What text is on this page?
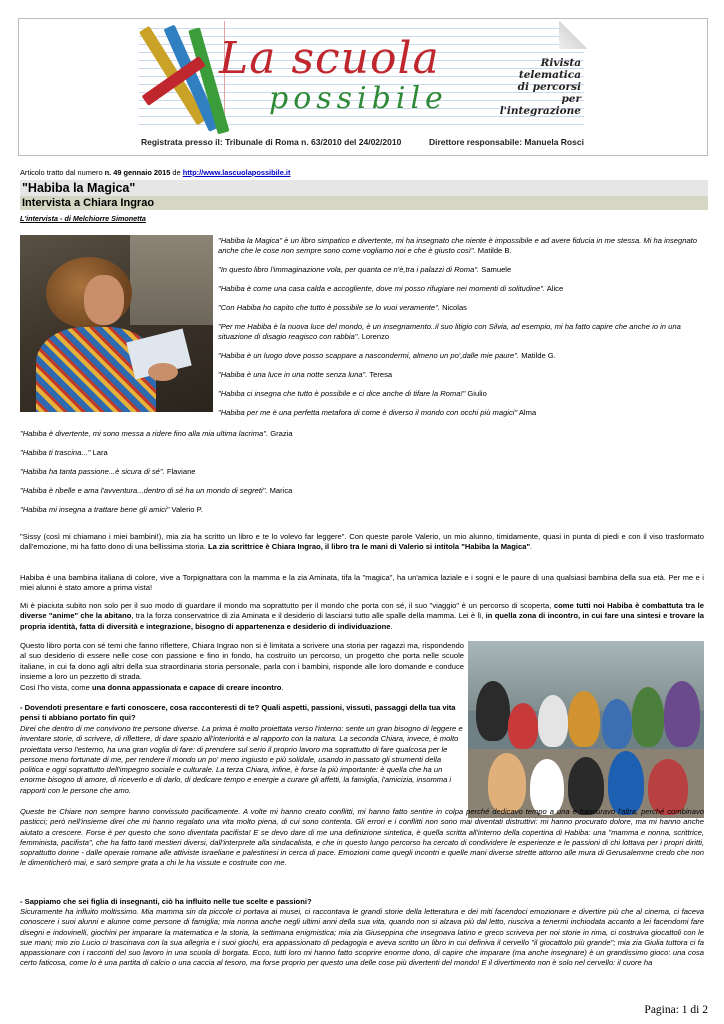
La scuola
possibile
Rivista
telematica
di percorsi
per l'integrazione
Registrata presso il: Tribunale di Roma n. 63/2010 del 24/02/2010	Direttore responsabile: Manuela Rosci
Articolo tratto dal numero n. 49 gennaio 2015 de http://www.lascuolapossibile.it
"Habiba la Magica"
Intervista a Chiara Ingrao
L'intervista - di Melchiorre Simonetta
"Habiba la Magica" è un libro simpatico e divertente, mi ha insegnato che niente è impossibile e ad avere fiducia in me stessa. Mi ha insegnato anche che le cose non sempre sono come vogliamo noi e che è giusto così". Matilde B.
"In questo libro l'immaginazione vola, per quanta ce n'è,tra i palazzi di Roma". Samuele
"Habiba è come una casa calda e accogliente, dove mi posso rifugiare nei momenti di solitudine". Alice
"Con Habiba ho capito che tutto è possibile se lo vuoi veramente". Nicolas
"Per me Habiba è la nuova luce del mondo, è un insegnamento..il suo litigio con Silvia, ad esempio, mi ha fatto capire che anche io in una situazione di disagio reagisco con rabbia". Lorenzo
"Habiba è un luogo dove posso scappare a nascondermi, almeno un po',dalle mie paure". Matilde G.
"Habiba è una luce in una notte senza luna". Teresa
"Habiba ci insegna che tutto è possibile e ci dice anche di tifare la Roma!" Giulio
"Habiba per me è una perfetta metafora di come è diverso il mondo con occhi più magici" Alma
"Habiba è divertente, mi sono messa a ridere fino alla mia ultima lacrima". Grazia
"Habiba ti trascina..." Lara
"Habiba ha tanta passione...è sicura di sé". Flaviane
"Habiba è ribelle e ama l'avventura...dentro di sé ha un mondo di segreti". Marica
"Habiba mi insegna a trattare bene gli amici" Valerio P.
"Sissy (così mi chiamano i miei bambini!), mia zia ha scritto un libro e te lo volevo far leggere". Con queste parole Valerio, un mio alunno, timidamente, quasi in punta di piedi e con il viso trasformato dall'emozione, mi ha fatto dono di una bellissima storia. La zia scrittrice è Chiara Ingrao, il libro tra le mani di Valerio si intitola "Habiba la Magica".
Habiba è una bambina italiana di colore, vive a Torpignattara con la mamma e la zia Aminata, tifa la "magica", ha un'amica laziale e i sogni e le paure di una qualsiasi bambina della sua età. Per me e i miei alunni è stato amore a prima vista!
Mi è piaciuta subito non solo per il suo modo di guardare il mondo ma soprattutto per il mondo che porta con sé, il suo "viaggio" è un percorso di scoperta, come tutti noi Habiba è combattuta tra le diverse "anime" che la abitano, tra la forza conservatrice di zia Aminata e il desiderio di lasciarsi tutto alle spalle della mamma. Lei è lì, in quella zona di incontro, in cui fare una sintesi e trovare la propria identità, fatta di diversità e integrazione, bisogno di appartenenza e desiderio di individuazione.
Questo libro porta con sé temi che fanno riflettere, Chiara Ingrao non si è limitata a scrivere una storia per ragazzi ma, rispondendo al suo desiderio di essere nelle cose con passione e fino in fondo, ha costruito un percorso, un progetto che porta nelle scuole italiane, in cui fa dono agli altri della sua straordinaria storia personale, parla con i bambini, risponde alle loro domande e conduce insieme a loro un pezzetto di strada.
Così l'ho vista, come una donna appassionata e capace di creare incontro.
- Dovendoti presentare e farti conoscere, cosa racconteresti di te? Quali aspetti, passioni, vissuti, passaggi della tua vita pensi ti abbiano portato fin qui?
Direi che dentro di me convivono tre persone diverse. La prima è molto proiettata verso l'interno: sente un gran bisogno di leggere e inventare storie, di scrivere, di riflettere, di dare spazio all'interiorità e al rapporto con la natura. La seconda Chiara, invece, è molto proiettata verso l'esterno, ha una gran voglia di fare: di prendere sul serio il proprio lavoro ma soprattutto di fare qualcosa per le persone meno fortunate di me, per rendere il mondo un po' meno ingiusto e più solidale, usando in passato gli strumenti della politica e oggi soprattutto dell'impegno sociale e culturale. La terza Chiara, infine, è forse la più importante: è quella che ha un enorme bisogno di amore, di riceverlo e di darlo, di dedicare tempo e energie a curare gli affetti, la famiglia, l'amicizia, insomma i rapporti con le persone che amo.
Queste tre Chiare non sempre hanno convissuto pacificamente. A volte mi hanno creato conflitti, mi hanno fatto sentire in colpa perché dedicavo tempo a una e trascuravo l'altra, perché combinavo pasticci; però nell'insieme direi che mi hanno regalato una vita molto piena, di cui sono contenta. Gli errori e i conflitti non sono mai diventati distruttivi: mi hanno procurato dolore, ma mi hanno anche aiutato a crescere. Forse è per questo che sono diventata pacifista! E se devo dare di me una definizione sintetica, è quella scritta all'interno della copertina di Habiba: una "mamma e nonna, scrittrice, femminista, pacifista", che ha fatto tanti mestieri diversi, dall'interprete alla sindacalista, e che in questo lungo percorso ha cercato di condividere le esperienze e le passioni di chi lottava per i propri diritti, soprattutto donne - dalle operaie romane alle attiviste israeliane e palestinesi in cerca di pace. Emozioni come quegli incontri e quelle mani diverse strette attorno alle mura di Gerusalemme credo che non le dimenticherò mai, e sarò sempre grata a chi le ha vissute e costruite con me.
- Sappiamo che sei figlia di insegnanti, ciò ha influito nelle tue scelte e passioni?
Sicuramente ha influito moltissimo. Mia mamma sin da piccole ci portava ai musei, ci raccontava le grandi storie della letteratura e dei miti facendoci emozionare e divertire più che al cinema, ci faceva conoscere i suoi alunni e alunne come persone di famiglia; mia nonna anche negli ultimi anni della sua vita, quando non si alzava più dal letto, riusciva a tenermi inchiodata accanto a lei facendomi fare disegni e indovinelli, giochini per imparare la matematica e la storia, la settimana enigmistica; mia zia Giuseppina che insegnava latino e greco scriveva per noi storie in rima, ci costruiva giocattoli con le sue mani; mio zio Lucio ci trascinava con la sua allegria e i suoi giochi, era appassionato di pedagogia e aveva scritto un libro in cui definiva il cervello "il giocattolo più grande"; mia zia Giulia tuttora ci fa appassionare con i racconti del suo lavoro in una scuola di borgata. Ecco, tutti loro mi hanno fatto scoprire enorme dono, di capire che imparare (ma anche insegnare) è un grandissimo gioco: una cosa certo faticosa, come lo è una partita di calcio o una caccia al tesoro, ma forse proprio per questo una delle cose più divertenti del mondo! E il divertimento non è solo nel cervello: il cuore ha
Pagina: 1 di 2
